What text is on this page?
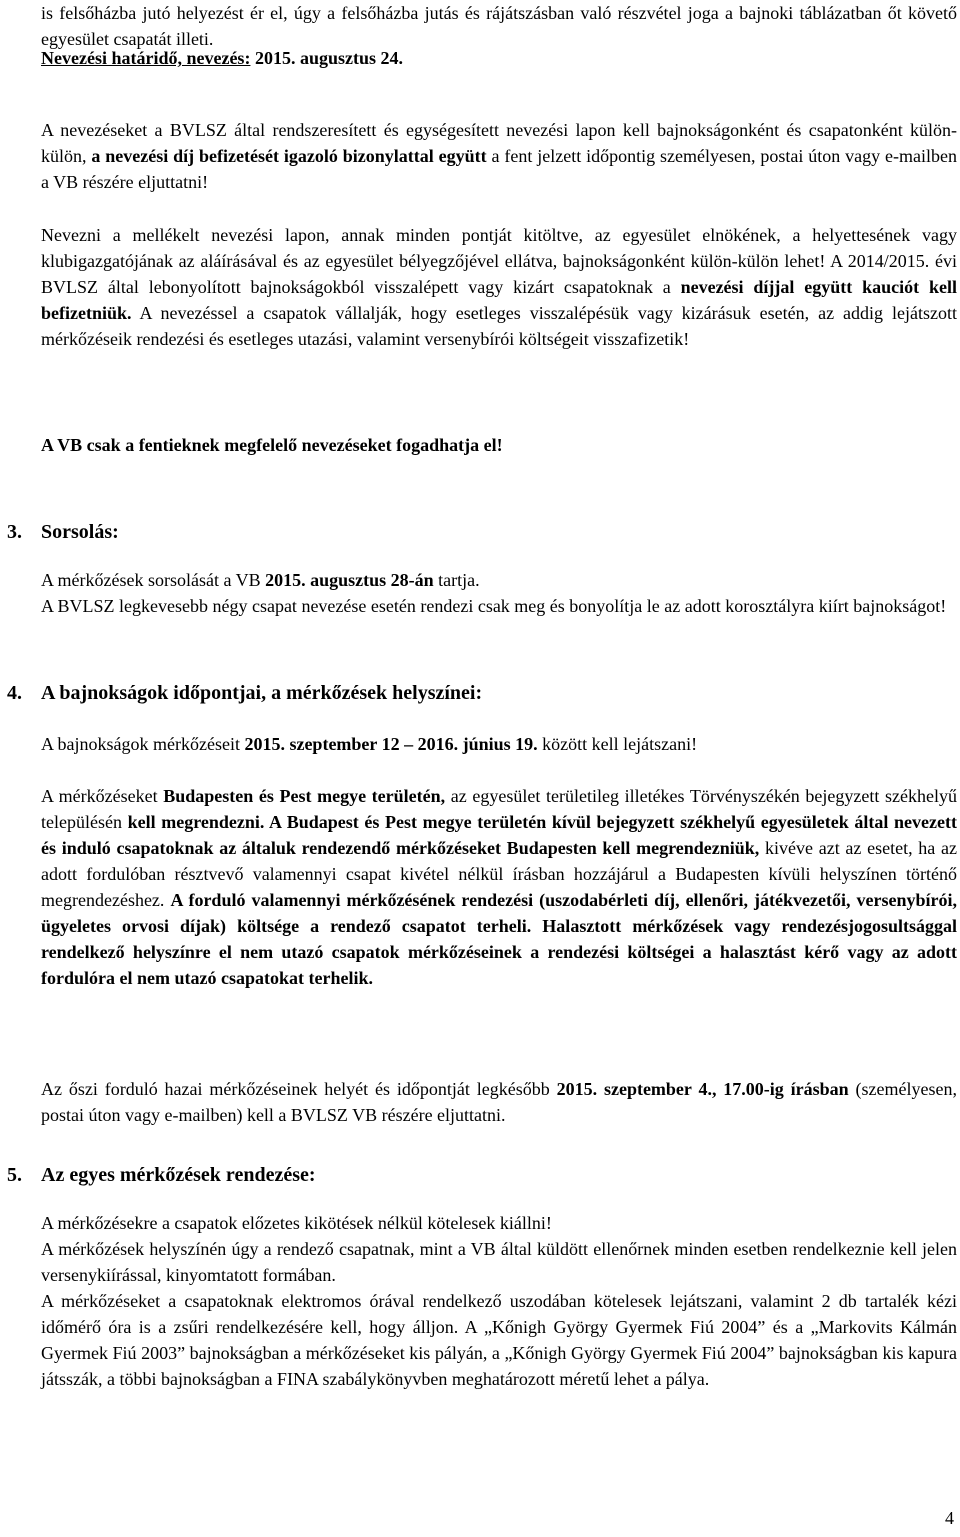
is felsőházba jutó helyezést ér el, úgy a felsőházba jutás és rájátszásban való részvétel joga a bajnoki táblázatban őt követő egyesület csapatát illeti.

Nevezési határidő, nevezés: 2015. augusztus 24.

A nevezéseket a BVLSZ által rendszeresített és egységesített nevezési lapon kell bajnokságonként és csapatonként külön-külön, a nevezési díj befizetését igazoló bizonylattal együtt a fent jelzett időpontig személyesen, postai úton vagy e-mailben a VB részére eljuttatni!

Nevezni a mellékelt nevezési lapon, annak minden pontját kitöltve, az egyesület elnökének, a helyettesének vagy klubigazgatójának az aláírásával és az egyesület bélyegzőjével ellátva, bajnokságonként külön-külön lehet! A 2014/2015. évi BVLSZ által lebonyolított bajnokságokból visszalépett vagy kizárt csapatoknak a nevezési díjjal együtt kauciót kell befizetniük. A nevezéssel a csapatok vállalják, hogy esetleges visszalépésük vagy kizárásuk esetén, az addig lejátszott mérkőzéseik rendezési és esetleges utazási, valamint versenybírói költségeit visszafizetik!

A VB csak a fentieknek megfelelő nevezéseket fogadhatja el!

3. Sorsolás:

A mérkőzések sorsolását a VB 2015. augusztus 28-án tartja.
A BVLSZ legkevesebb négy csapat nevezése esetén rendezi csak meg és bonyolítja le az adott korosztályra kiírt bajnokságot!

4. A bajnokságok időpontjai, a mérkőzések helyszínei:

A bajnokságok mérkőzéseit 2015. szeptember 12 – 2016. június 19. között kell lejátszani!

A mérkőzéseket Budapesten és Pest megye területén, az egyesület területileg illetékes Törvényszékén bejegyzett székhelyű településén kell megrendezni. A Budapest és Pest megye területén kívül bejegyzett székhelyű egyesületek által nevezett és induló csapatoknak az általuk rendezendő mérkőzéseket Budapesten kell megrendezniük, kivéve azt az esetet, ha az adott fordulóban résztvevő valamennyi csapat kivétel nélkül írásban hozzájárul a Budapesten kívüli helyszínen történő megrendezéshez. A forduló valamennyi mérkőzésének rendezési (uszodabérleti díj, ellenőri, játékvezetői, versenybírói, ügyeletes orvosi díjak) költsége a rendező csapatot terheli. Halasztott mérkőzések vagy rendezésjogosultsággal rendelkező helyszínre el nem utazó csapatok mérkőzéseinek a rendezési költségei a halasztást kérő vagy az adott fordulóra el nem utazó csapatokat terhelik.

Az őszi forduló hazai mérkőzéseinek helyét és időpontját legkésőbb 2015. szeptember 4., 17.00-ig írásban (személyesen, postai úton vagy e-mailben) kell a BVLSZ VB részére eljuttatni.

5. Az egyes mérkőzések rendezése:

A mérkőzésekre a csapatok előzetes kikötések nélkül kötelesek kiállni!
A mérkőzések helyszínén úgy a rendező csapatnak, mint a VB által küldött ellenőrnek minden esetben rendelkeznie kell jelen versenykiírással, kinyomtatott formában.
A mérkőzéseket a csapatoknak elektromos órával rendelkező uszodában kötelesek lejátszani, valamint 2 db tartalék kézi időmérő óra is a zsűri rendelkezésére kell, hogy álljon. A „Kőnigh György Gyermek Fiú 2004” és a „Markovits Kálmán Gyermek Fiú 2003” bajnokságban a mérkőzéseket kis pályán, a „Kőnigh György Gyermek Fiú 2004” bajnokságban kis kapura játsszák, a többi bajnokságban a FINA szabálykönyvben meghatározott méretű lehet a pálya.

4
